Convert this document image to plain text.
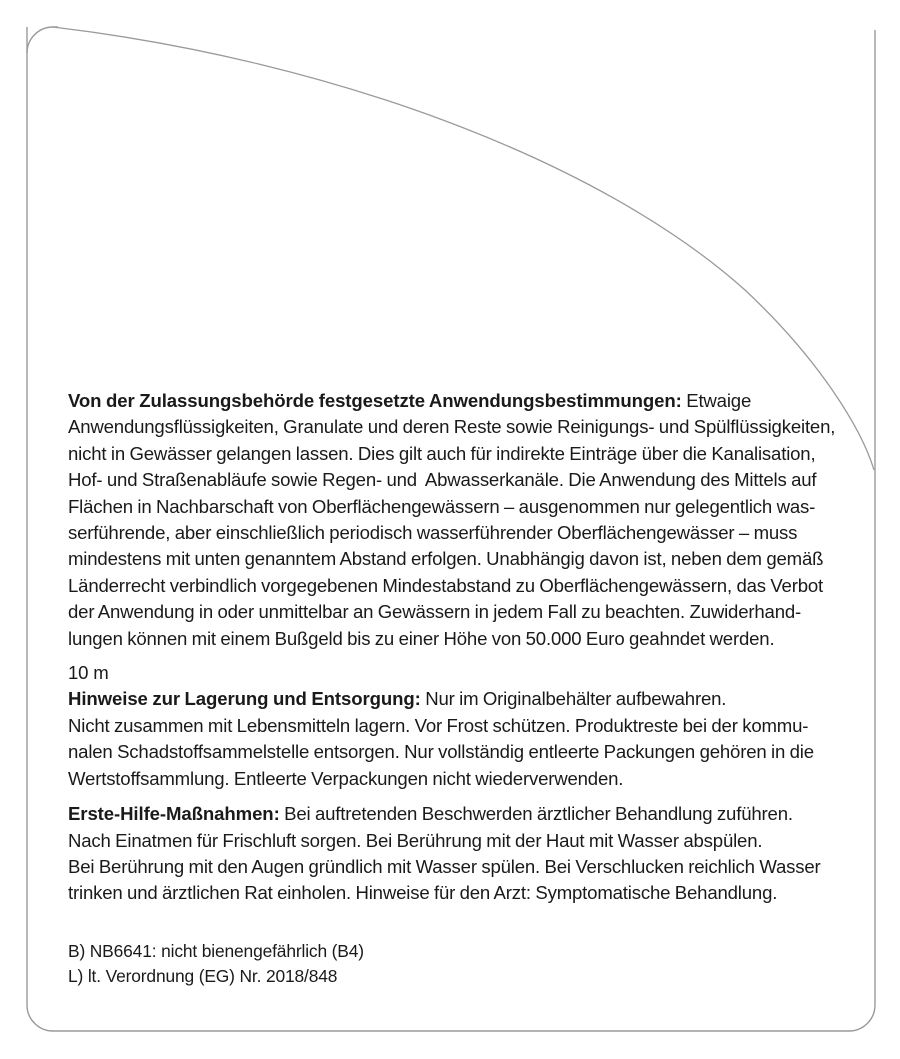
Von der Zulassungsbehörde festgesetzte Anwendungsbestimmungen: Etwaige
Anwendungsflüssigkeiten, Granulate und deren Reste sowie Reinigungs- und Spülflüssigkeiten,
nicht in Gewässer gelangen lassen. Dies gilt auch für indirekte Einträge über die Kanalisation,
Hof- und Straßenabläufe sowie Regen- und  Abwasserkanäle. Die Anwendung des Mittels auf
Flächen in Nachbarschaft von Oberflächengewässern – ausgenommen nur gelegentlich was-
serführende, aber einschließlich periodisch wasserführender Oberflächengewässer – muss
mindestens mit unten genanntem Abstand erfolgen. Unabhängig davon ist, neben dem gemäß
Länderrecht verbindlich vorgegebenen Mindestabstand zu Oberflächengewässern, das Verbot
der Anwendung in oder unmittelbar an Gewässern in jedem Fall zu beachten. Zuwiderhand-
lungen können mit einem Bußgeld bis zu einer Höhe von 50.000 Euro geahndet werden.

10 m

Hinweise zur Lagerung und Entsorgung: Nur im Originalbehälter aufbewahren.
Nicht zusammen mit Lebensmitteln lagern. Vor Frost schützen. Produktreste bei der kommu-
nalen Schadstoffsammelstelle entsorgen. Nur vollständig entleerte Packungen gehören in die
Wertstoffsammlung. Entleerte Verpackungen nicht wiederverwenden.

Erste-Hilfe-Maßnahmen: Bei auftretenden Beschwerden ärztlicher Behandlung zuführen.
Nach Einatmen für Frischluft sorgen. Bei Berührung mit der Haut mit Wasser abspülen.
Bei Berührung mit den Augen gründlich mit Wasser spülen. Bei Verschlucken reichlich Wasser
trinken und ärztlichen Rat einholen. Hinweise für den Arzt: Symptomatische Behandlung.

B) NB6641: nicht bienengefährlich (B4)
L) lt. Verordnung (EG) Nr. 2018/848
